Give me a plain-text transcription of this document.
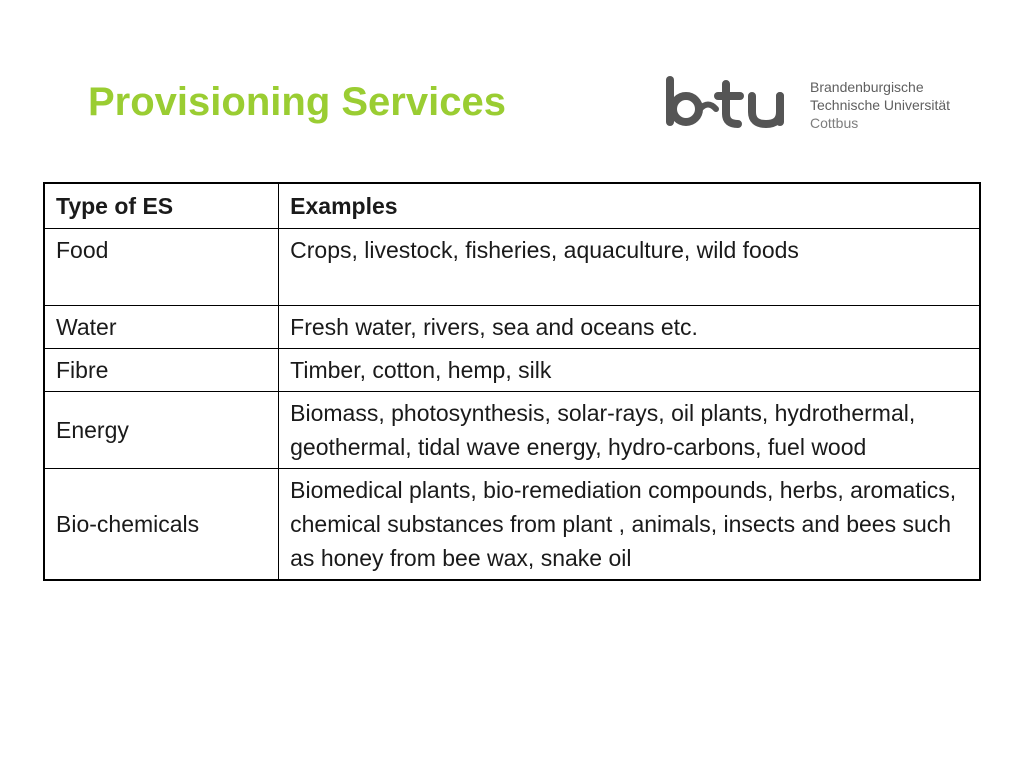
Provisioning Services	Brandenburgische
Technische Universität
Cottbus
Type of ES	Examples
Food	Crops, livestock, fisheries, aquaculture, wild foods
Water	Fresh water, rivers, sea and oceans etc.
Fibre	Timber, cotton, hemp, silk
Energy	Biomass, photosynthesis, solar-rays, oil plants, hydrothermal, geothermal, tidal wave energy, hydro-carbons, fuel wood
Bio-chemicals	Biomedical plants, bio-remediation compounds, herbs, aromatics, chemical substances from plant , animals, insects and bees such as honey from bee wax, snake oil
